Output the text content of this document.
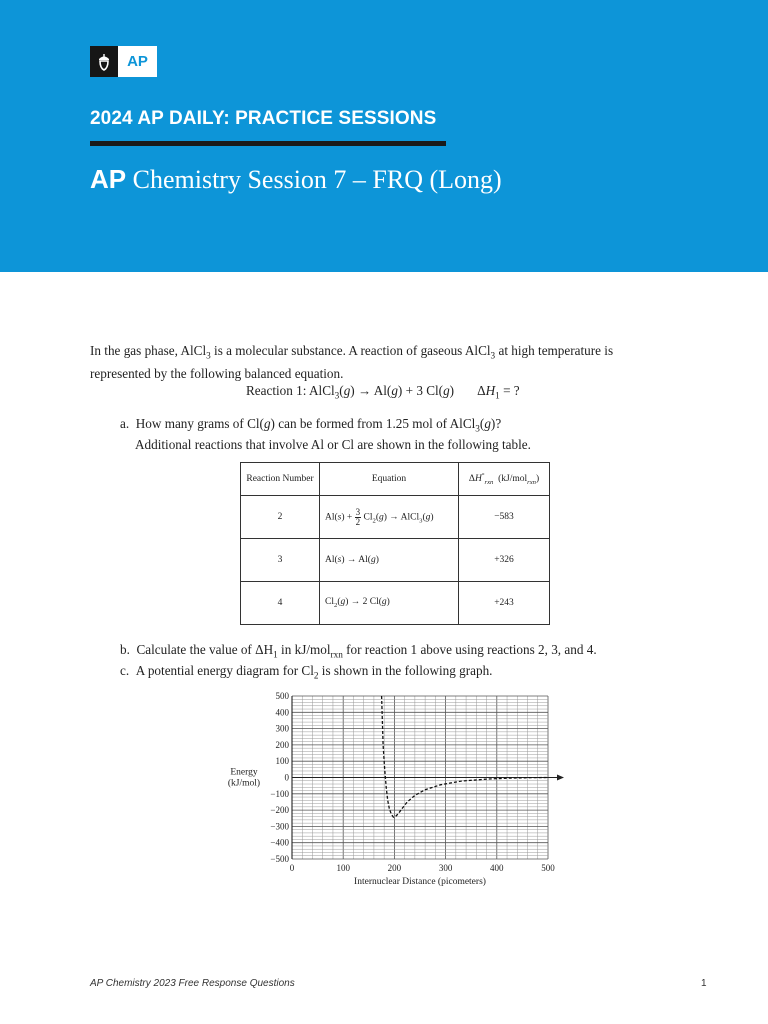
AP
2024 AP DAILY: PRACTICE SESSIONS
AP Chemistry Session 7 – FRQ (Long)
In the gas phase, AlCl$_3$ is a molecular substance. A reaction of gaseous AlCl$_3$ at high temperature is
represented by the following balanced equation.
Reaction 1: AlCl$_3$(g) → Al(g) + 3 Cl(g)       $\Delta H_1$ = ?
a. How many grams of Cl(g) can be formed from 1.25 mol of AlCl$_3$(g)?
Additional reactions that involve Al or Cl are shown in the following table.
Reaction Number	Equation	$\Delta H^\circ_{rxn}$ (kJ/mol$_{rxn}$)
2	$Al(s) + \frac{3}{2} Cl_2(g)$ → AlCl$_3$(g)	−583
3	Al(s) → Al(g)	+326
4	$Cl_2(g) \to 2$ Cl(g)	+243
b. Calculate the value of $\Delta H_1$ in kJ/mol$_{rxn}$ for reaction 1 above using reactions 2, 3, and 4.
c. A potential energy diagram for $Cl_2$ is shown in the following graph.
500
400
300
200
100
0
−100
−200
−300
−400
−500
0	100	200	300	400	500
Energy
(kJ/mol)
Internuclear Distance (picometers)
AP Chemistry 2023 Free Response Questions	1
